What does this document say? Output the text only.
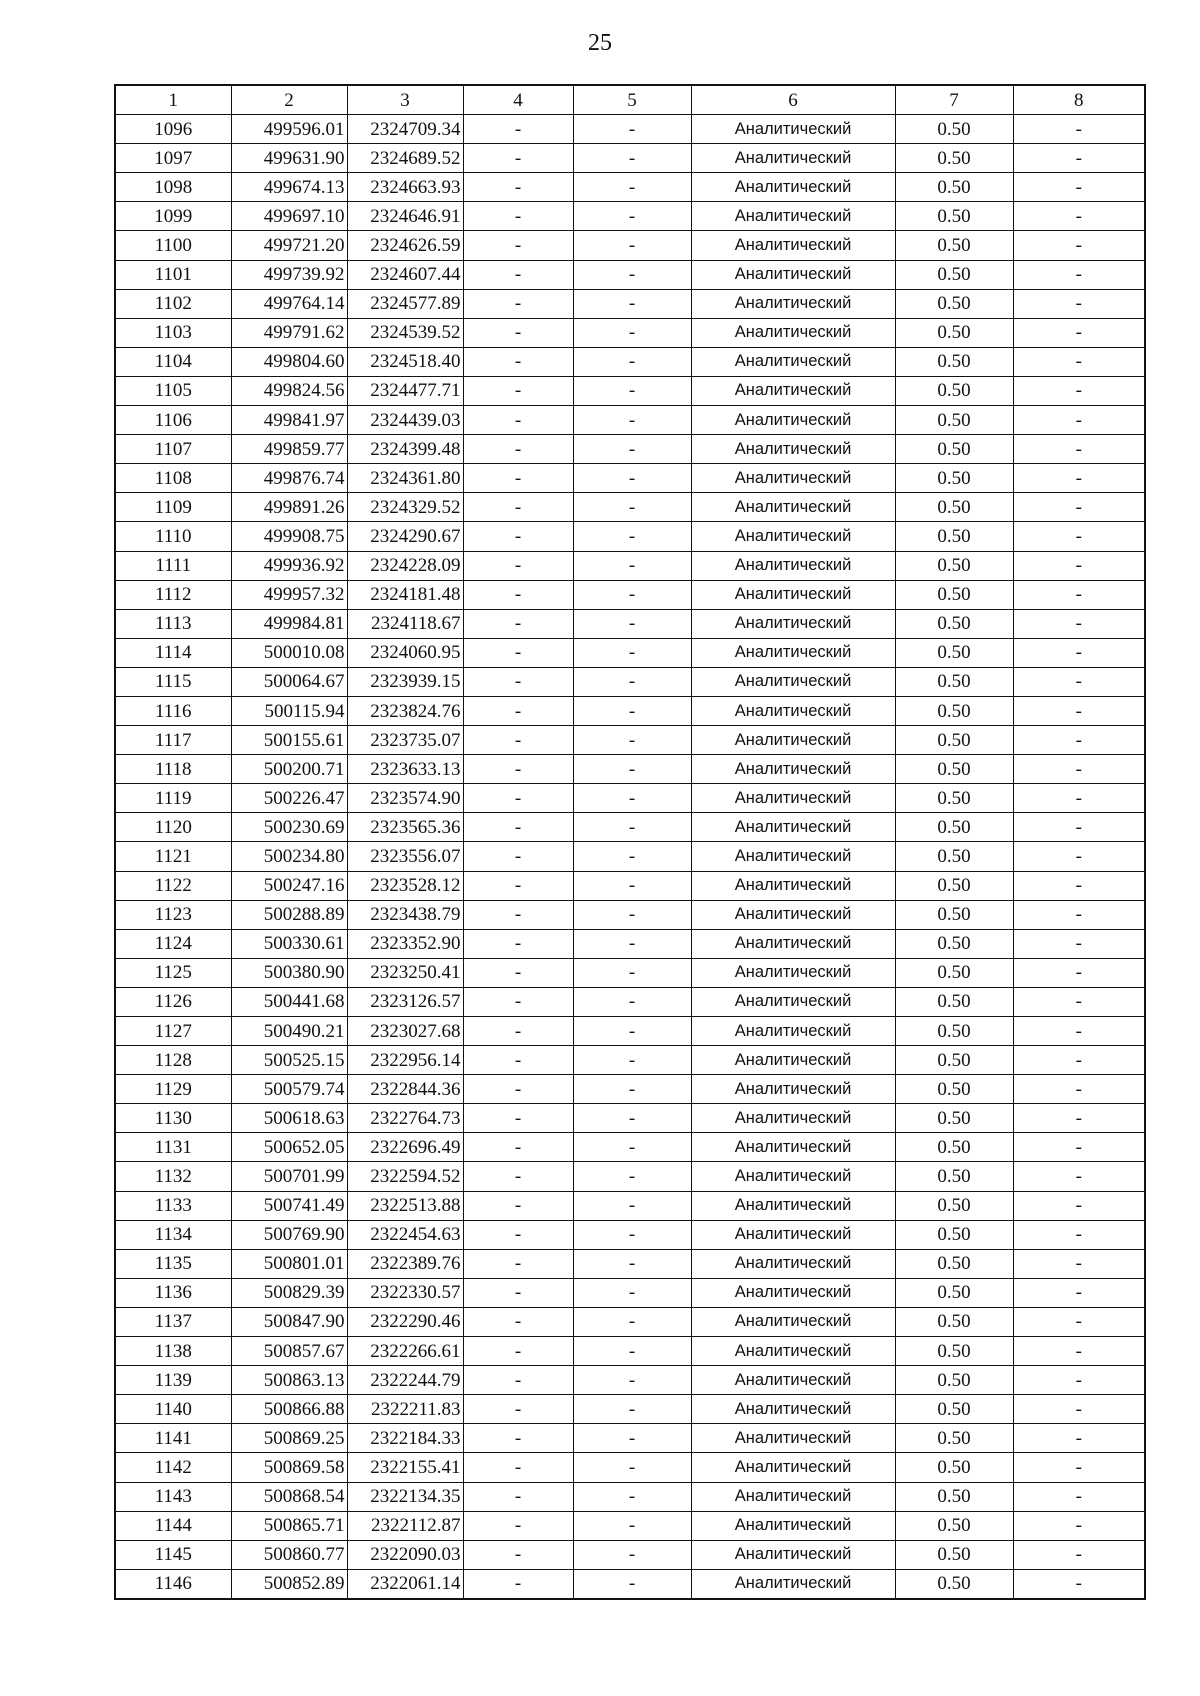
25
1	2	3	4	5	6	7	8
1096	499596.01	2324709.34	-	-	Аналитический	0.50	-
1097	499631.90	2324689.52	-	-	Аналитический	0.50	-
1098	499674.13	2324663.93	-	-	Аналитический	0.50	-
1099	499697.10	2324646.91	-	-	Аналитический	0.50	-
1100	499721.20	2324626.59	-	-	Аналитический	0.50	-
1101	499739.92	2324607.44	-	-	Аналитический	0.50	-
1102	499764.14	2324577.89	-	-	Аналитический	0.50	-
1103	499791.62	2324539.52	-	-	Аналитический	0.50	-
1104	499804.60	2324518.40	-	-	Аналитический	0.50	-
1105	499824.56	2324477.71	-	-	Аналитический	0.50	-
1106	499841.97	2324439.03	-	-	Аналитический	0.50	-
1107	499859.77	2324399.48	-	-	Аналитический	0.50	-
1108	499876.74	2324361.80	-	-	Аналитический	0.50	-
1109	499891.26	2324329.52	-	-	Аналитический	0.50	-
1110	499908.75	2324290.67	-	-	Аналитический	0.50	-
1111	499936.92	2324228.09	-	-	Аналитический	0.50	-
1112	499957.32	2324181.48	-	-	Аналитический	0.50	-
1113	499984.81	2324118.67	-	-	Аналитический	0.50	-
1114	500010.08	2324060.95	-	-	Аналитический	0.50	-
1115	500064.67	2323939.15	-	-	Аналитический	0.50	-
1116	500115.94	2323824.76	-	-	Аналитический	0.50	-
1117	500155.61	2323735.07	-	-	Аналитический	0.50	-
1118	500200.71	2323633.13	-	-	Аналитический	0.50	-
1119	500226.47	2323574.90	-	-	Аналитический	0.50	-
1120	500230.69	2323565.36	-	-	Аналитический	0.50	-
1121	500234.80	2323556.07	-	-	Аналитический	0.50	-
1122	500247.16	2323528.12	-	-	Аналитический	0.50	-
1123	500288.89	2323438.79	-	-	Аналитический	0.50	-
1124	500330.61	2323352.90	-	-	Аналитический	0.50	-
1125	500380.90	2323250.41	-	-	Аналитический	0.50	-
1126	500441.68	2323126.57	-	-	Аналитический	0.50	-
1127	500490.21	2323027.68	-	-	Аналитический	0.50	-
1128	500525.15	2322956.14	-	-	Аналитический	0.50	-
1129	500579.74	2322844.36	-	-	Аналитический	0.50	-
1130	500618.63	2322764.73	-	-	Аналитический	0.50	-
1131	500652.05	2322696.49	-	-	Аналитический	0.50	-
1132	500701.99	2322594.52	-	-	Аналитический	0.50	-
1133	500741.49	2322513.88	-	-	Аналитический	0.50	-
1134	500769.90	2322454.63	-	-	Аналитический	0.50	-
1135	500801.01	2322389.76	-	-	Аналитический	0.50	-
1136	500829.39	2322330.57	-	-	Аналитический	0.50	-
1137	500847.90	2322290.46	-	-	Аналитический	0.50	-
1138	500857.67	2322266.61	-	-	Аналитический	0.50	-
1139	500863.13	2322244.79	-	-	Аналитический	0.50	-
1140	500866.88	2322211.83	-	-	Аналитический	0.50	-
1141	500869.25	2322184.33	-	-	Аналитический	0.50	-
1142	500869.58	2322155.41	-	-	Аналитический	0.50	-
1143	500868.54	2322134.35	-	-	Аналитический	0.50	-
1144	500865.71	2322112.87	-	-	Аналитический	0.50	-
1145	500860.77	2322090.03	-	-	Аналитический	0.50	-
1146	500852.89	2322061.14	-	-	Аналитический	0.50	-
